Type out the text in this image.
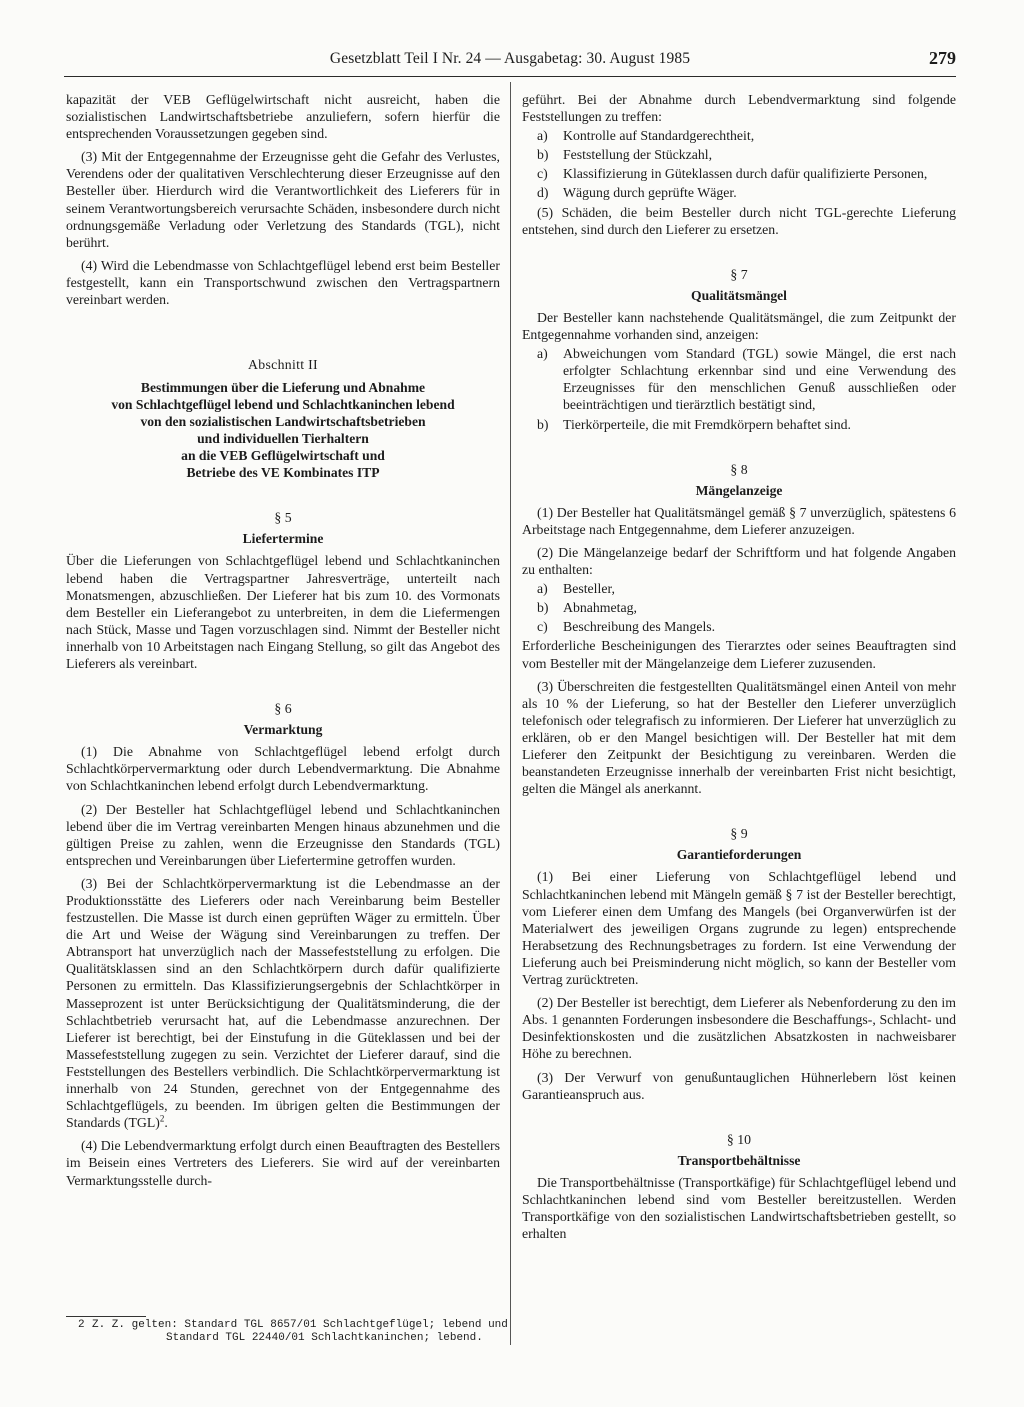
Gesetzblatt Teil I Nr. 24 — Ausgabetag: 30. August 1985	279

kapazität der VEB Geflügelwirtschaft nicht ausreicht, haben die sozialistischen Landwirtschaftsbetriebe anzuliefern, sofern hierfür die entsprechenden Voraussetzungen gegeben sind.

(3) Mit der Entgegennahme der Erzeugnisse geht die Gefahr des Verlustes, Verendens oder der qualitativen Verschlechterung dieser Erzeugnisse auf den Besteller über. Hierdurch wird die Verantwortlichkeit des Lieferers für in seinem Verantwortungsbereich verursachte Schäden, insbesondere durch nicht ordnungsgemäße Verladung oder Verletzung des Standards (TGL), nicht berührt.

(4) Wird die Lebendmasse von Schlachtgeflügel lebend erst beim Besteller festgestellt, kann ein Transportschwund zwischen den Vertragspartnern vereinbart werden.

Abschnitt II
Bestimmungen über die Lieferung und Abnahme
von Schlachtgeflügel lebend und Schlachtkaninchen lebend
von den sozialistischen Landwirtschaftsbetrieben
und individuellen Tierhaltern
an die VEB Geflügelwirtschaft und
Betriebe des VE Kombinates ITP
§ 5
Liefertermine

Über die Lieferungen von Schlachtgeflügel lebend und Schlachtkaninchen lebend haben die Vertragspartner Jahresverträge, unterteilt nach Monatsmengen, abzuschließen. Der Lieferer hat bis zum 10. des Vormonats dem Besteller ein Lieferangebot zu unterbreiten, in dem die Liefermengen nach Stück, Masse und Tagen vorzuschlagen sind. Nimmt der Besteller nicht innerhalb von 10 Arbeitstagen nach Eingang Stellung, so gilt das Angebot des Lieferers als vereinbart.

§ 6
Vermarktung

(1) Die Abnahme von Schlachtgeflügel lebend erfolgt durch Schlachtkörpervermarktung oder durch Lebendvermarktung. Die Abnahme von Schlachtkaninchen lebend erfolgt durch Lebendvermarktung.

(2) Der Besteller hat Schlachtgeflügel lebend und Schlachtkaninchen lebend über die im Vertrag vereinbarten Mengen hinaus abzunehmen und die gültigen Preise zu zahlen, wenn die Erzeugnisse den Standards (TGL) entsprechen und Vereinbarungen über Liefertermine getroffen wurden.

(3) Bei der Schlachtkörpervermarktung ist die Lebendmasse an der Produktionsstätte des Lieferers oder nach Vereinbarung beim Besteller festzustellen. Die Masse ist durch einen geprüften Wäger zu ermitteln. Über die Art und Weise der Wägung sind Vereinbarungen zu treffen. Der Abtransport hat unverzüglich nach der Massefeststellung zu erfolgen. Die Qualitätsklassen sind an den Schlachtkörpern durch dafür qualifizierte Personen zu ermitteln. Das Klassifizierungsergebnis der Schlachtkörper in Masseprozent ist unter Berücksichtigung der Qualitätsminderung, die der Schlachtbetrieb verursacht hat, auf die Lebendmasse anzurechnen. Der Lieferer ist berechtigt, bei der Einstufung in die Güteklassen und bei der Massefeststellung zugegen zu sein. Verzichtet der Lieferer darauf, sind die Feststellungen des Bestellers verbindlich. Die Schlachtkörpervermarktung ist innerhalb von 24 Stunden, gerechnet von der Entgegennahme des Schlachtgeflügels, zu beenden. Im übrigen gelten die Bestimmungen der Standards (TGL)$^2$.

(4) Die Lebendvermarktung erfolgt durch einen Beauftragten des Bestellers im Beisein eines Vertreters des Lieferers. Sie wird auf der vereinbarten Vermarktungsstelle durch-

2 Z. Z. gelten: Standard TGL 8657/01 Schlachtgeflügel; lebend und
Standard TGL 22440/01 Schlachtkaninchen; lebend.

geführt. Bei der Abnahme durch Lebendvermarktung sind folgende Feststellungen zu treffen:

a) Kontrolle auf Standardgerechtheit,
b) Feststellung der Stückzahl,
c) Klassifizierung in Güteklassen durch dafür qualifizierte Personen,
d) Wägung durch geprüfte Wäger.

(5) Schäden, die beim Besteller durch nicht TGL-gerechte Lieferung entstehen, sind durch den Lieferer zu ersetzen.

§ 7
Qualitätsmängel

Der Besteller kann nachstehende Qualitätsmängel, die zum Zeitpunkt der Entgegennahme vorhanden sind, anzeigen:

a) Abweichungen vom Standard (TGL) sowie Mängel, die erst nach erfolgter Schlachtung erkennbar sind und eine Verwendung des Erzeugnisses für den menschlichen Genuß ausschließen oder beeinträchtigen und tierärztlich bestätigt sind,
b) Tierkörperteile, die mit Fremdkörpern behaftet sind.
§ 8
Mängelanzeige

(1) Der Besteller hat Qualitätsmängel gemäß § 7 unverzüglich, spätestens 6 Arbeitstage nach Entgegennahme, dem Lieferer anzuzeigen.

(2) Die Mängelanzeige bedarf der Schriftform und hat folgende Angaben zu enthalten:

a) Besteller,
b) Abnahmetag,
c) Beschreibung des Mangels.

Erforderliche Bescheinigungen des Tierarztes oder seines Beauftragten sind vom Besteller mit der Mängelanzeige dem Lieferer zuzusenden.

(3) Überschreiten die festgestellten Qualitätsmängel einen Anteil von mehr als 10 % der Lieferung, so hat der Besteller den Lieferer unverzüglich telefonisch oder telegrafisch zu informieren. Der Lieferer hat unverzüglich zu erklären, ob er den Mangel besichtigen will. Der Besteller hat mit dem Lieferer den Zeitpunkt der Besichtigung zu vereinbaren. Werden die beanstandeten Erzeugnisse innerhalb der vereinbarten Frist nicht besichtigt, gelten die Mängel als anerkannt.

§ 9
Garantieforderungen

(1) Bei einer Lieferung von Schlachtgeflügel lebend und Schlachtkaninchen lebend mit Mängeln gemäß § 7 ist der Besteller berechtigt, vom Lieferer einen dem Umfang des Mangels (bei Organverwürfen ist der Materialwert des jeweiligen Organs zugrunde zu legen) entsprechende Herabsetzung des Rechnungsbetrages zu fordern. Ist eine Verwendung der Lieferung auch bei Preisminderung nicht möglich, so kann der Besteller vom Vertrag zurücktreten.

(2) Der Besteller ist berechtigt, dem Lieferer als Nebenforderung zu den im Abs. 1 genannten Forderungen insbesondere die Beschaffungs-, Schlacht- und Desinfektionskosten und die zusätzlichen Absatzkosten in nachweisbarer Höhe zu berechnen.

(3) Der Verwurf von genußuntauglichen Hühnerlebern löst keinen Garantieanspruch aus.

§ 10
Transportbehältnisse

Die Transportbehältnisse (Transportkäfige) für Schlachtgeflügel lebend und Schlachtkaninchen lebend sind vom Besteller bereitzustellen. Werden Transportkäfige von den sozialistischen Landwirtschaftsbetrieben gestellt, so erhalten
